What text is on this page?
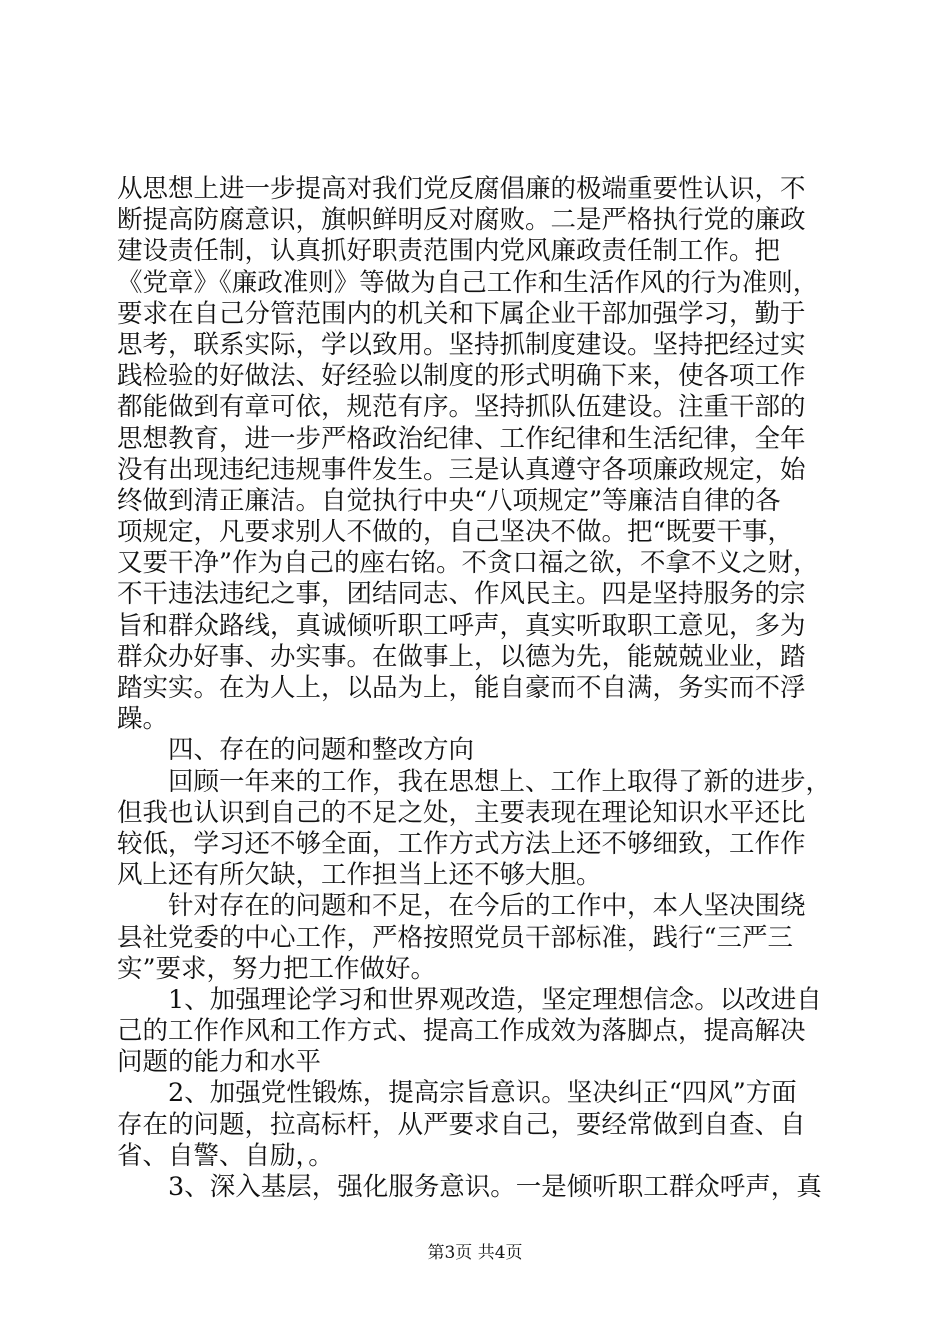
从思想上进一步提高对我们党反腐倡廉的极端重要性认识，不
断提高防腐意识，旗帜鲜明反对腐败。二是严格执行党的廉政
建设责任制，认真抓好职责范围内党风廉政责任制工作。把
《党章》《廉政准则》等做为自己工作和生活作风的行为准则，
要求在自己分管范围内的机关和下属企业干部加强学习，勤于
思考，联系实际，学以致用。坚持抓制度建设。坚持把经过实
践检验的好做法、好经验以制度的形式明确下来，使各项工作
都能做到有章可依，规范有序。坚持抓队伍建设。注重干部的
思想教育，进一步严格政治纪律、工作纪律和生活纪律，全年
没有出现违纪违规事件发生。三是认真遵守各项廉政规定，始
终做到清正廉洁。自觉执行中央“八项规定”等廉洁自律的各
项规定，凡要求别人不做的，自己坚决不做。把“既要干事，
又要干净”作为自己的座右铭。不贪口福之欲，不拿不义之财，
不干违法违纪之事，团结同志、作风民主。四是坚持服务的宗
旨和群众路线，真诚倾听职工呼声，真实听取职工意见，多为
群众办好事、办实事。在做事上，以德为先，能兢兢业业，踏
踏实实。在为人上，以品为上，能自豪而不自满，务实而不浮
躁。
四、存在的问题和整改方向
回顾一年来的工作，我在思想上、工作上取得了新的进步，
但我也认识到自己的不足之处，主要表现在理论知识水平还比
较低，学习还不够全面，工作方式方法上还不够细致，工作作
风上还有所欠缺，工作担当上还不够大胆。
针对存在的问题和不足，在今后的工作中，本人坚决围绕
县社党委的中心工作，严格按照党员干部标准，践行“三严三
实”要求，努力把工作做好。
1、加强理论学习和世界观改造，坚定理想信念。以改进自
己的工作作风和工作方式、提高工作成效为落脚点，提高解决
问题的能力和水平
2、加强党性锻炼，提高宗旨意识。坚决纠正“四风”方面
存在的问题，拉高标杆，从严要求自己，要经常做到自查、自
省、自警、自励，。
3、深入基层，强化服务意识。一是倾听职工群众呼声，真
第3页 共4页
